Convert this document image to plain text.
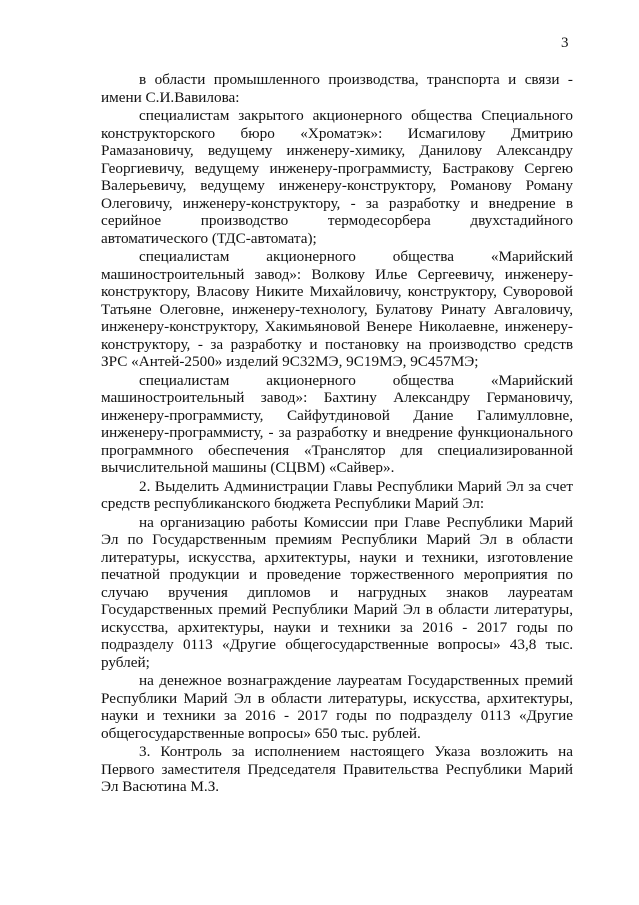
3

в области промышленного производства, транспорта и связи - имени С.И.Вавилова:

специалистам закрытого акционерного общества Специального конструкторского бюро «Хроматэк»: Исмагилову Дмитрию Рамазановичу, ведущему инженеру-химику, Данилову Александру Георгиевичу, ведущему инженеру-программисту, Бастракову Сергею Валерьевичу, ведущему инженеру-конструктору, Романову Роману Олеговичу, инженеру-конструктору, - за разработку и внедрение в серийное производство термодесорбера двухстадийного автоматического (ТДС-автомата);

специалистам акционерного общества «Марийский машиностроительный завод»: Волкову Илье Сергеевичу, инженеру-конструктору, Власову Никите Михайловичу, конструктору, Суворовой Татьяне Олеговне, инженеру-технологу, Булатову Ринату Авгаловичу, инженеру-конструктору, Хакимьяновой Венере Николаевне, инженеру-конструктору, - за разработку и постановку на производство средств ЗРС «Антей-2500» изделий 9С32МЭ, 9С19МЭ, 9С457МЭ;

специалистам акционерного общества «Марийский машиностроительный завод»: Бахтину Александру Германовичу, инженеру-программисту, Сайфутдиновой Дание Галимулловне, инженеру-программисту, - за разработку и внедрение функционального программного обеспечения «Транслятор для специализированной вычислительной машины (СЦВМ) «Сайвер».

2. Выделить Администрации Главы Республики Марий Эл за счет средств республиканского бюджета Республики Марий Эл:

на организацию работы Комиссии при Главе Республики Марий Эл по Государственным премиям Республики Марий Эл в области литературы, искусства, архитектуры, науки и техники, изготовление печатной продукции и проведение торжественного мероприятия по случаю вручения дипломов и нагрудных знаков лауреатам Государственных премий Республики Марий Эл в области литературы, искусства, архитектуры, науки и техники за 2016 - 2017 годы по подразделу 0113 «Другие общегосударственные вопросы» 43,8 тыс. рублей;

на денежное вознаграждение лауреатам Государственных премий Республики Марий Эл в области литературы, искусства, архитектуры, науки и техники за 2016 - 2017 годы по подразделу 0113 «Другие общегосударственные вопросы» 650 тыс. рублей.

3. Контроль за исполнением настоящего Указа возложить на Первого заместителя Председателя Правительства Республики Марий Эл Васютина М.З.
